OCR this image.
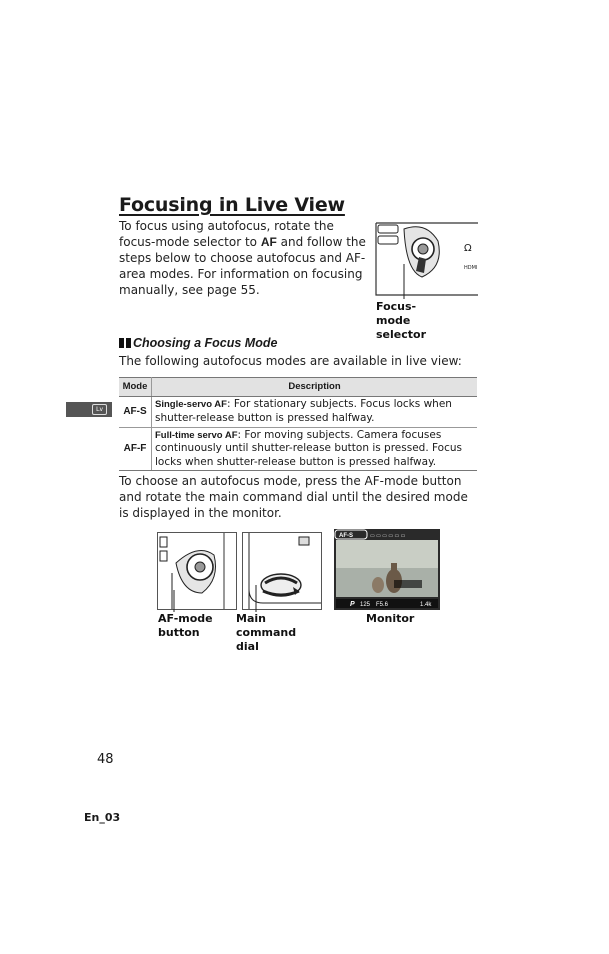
Focusing in Live View
To focus using autofocus, rotate the focus-mode selector to AF and follow the steps below to choose autofocus and AF-area modes. For information on focusing manually, see page 55.
Ω
HDMI
Focus-mode selector
Choosing a Focus Mode
The following autofocus modes are available in live view:
Lv
Mode	Description
AF-S	Single-servo AF: For stationary subjects. Focus locks when shutter-release button is pressed halfway.
AF-F	Full-time servo AF: For moving subjects. Camera focuses continuously until shutter-release button is pressed. Focus locks when shutter-release button is pressed halfway.
To choose an autofocus mode, press the AF-mode button and rotate the main command dial until the desired mode is displayed in the monitor.
AF-S	▭ ▭ ▭ ▭ ▭ ▭
P 125 F5.6	1.4k
AF-mode button
Main command dial
Monitor
48
En_03
